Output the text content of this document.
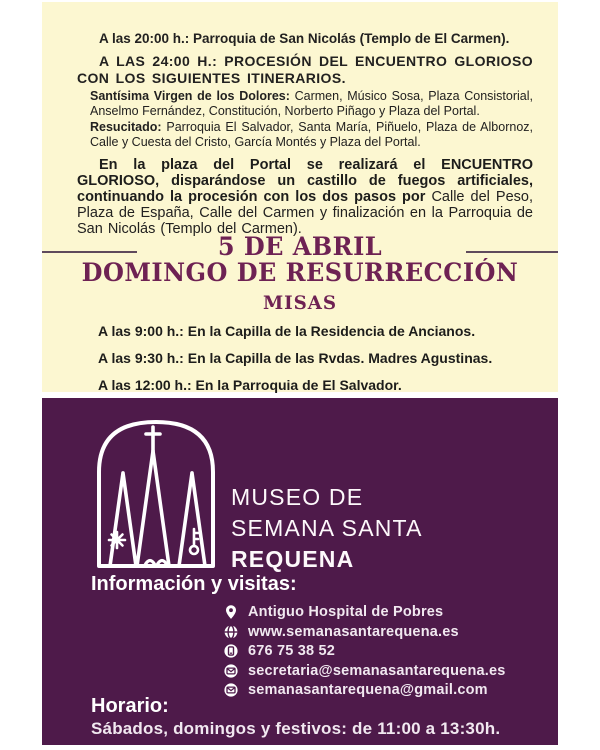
A las 20:00 h.: Parroquia de San Nicolás (Templo de El Carmen).

A LAS 24:00 H.: PROCESIÓN DEL ENCUENTRO GLORIOSO CON LOS SIGUIENTES ITINERARIOS.

Santísima Virgen de los Dolores: Carmen, Músico Sosa, Plaza Consistorial, Anselmo Fernández, Constitución, Norberto Piñago y Plaza del Portal.

Resucitado: Parroquia El Salvador, Santa María, Piñuelo, Plaza de Albornoz, Calle y Cuesta del Cristo, García Montés y Plaza del Portal.

En la plaza del Portal se realizará el ENCUENTRO GLORIOSO, disparándose un castillo de fuegos artificiales, continuando la procesión con los dos pasos por Calle del Peso, Plaza de España, Calle del Carmen y finalización en la Parroquia de San Nicolás (Templo del Carmen).

5 DE ABRIL
DOMINGO DE RESURRECCIÓN
MISAS
A las 9:00 h.: En la Capilla de la Residencia de Ancianos.
A las 9:30 h.: En la Capilla de las Rvdas. Madres Agustinas.
A las 12:00 h.: En la Parroquia de El Salvador.
MUSEO DE
SEMANA SANTA
REQUENA
Información y visitas:
Antiguo Hospital de Pobres
www.semanasantarequena.es
676 75 38 52
secretaria@semanasantarequena.es
semanasantarequena@gmail.com
Horario:
Sábados, domingos y festivos: de 11:00 a 13:30h.
